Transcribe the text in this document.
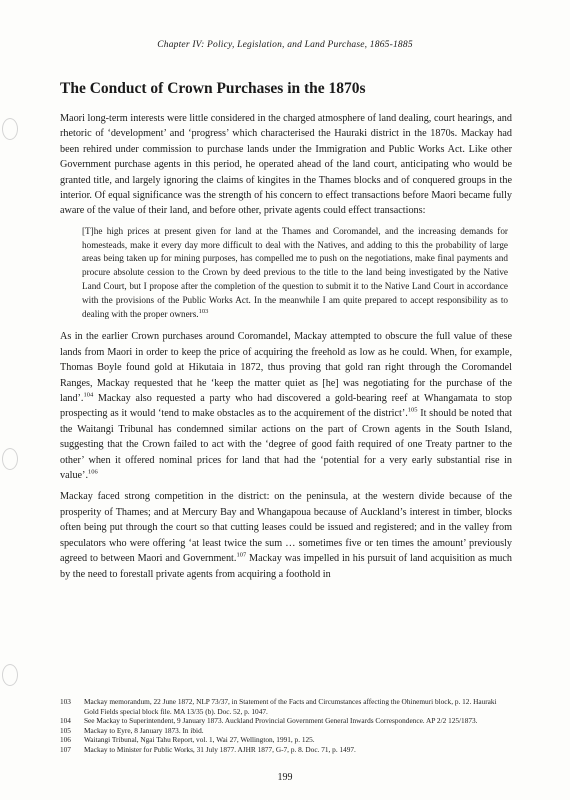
Chapter IV: Policy, Legislation, and Land Purchase, 1865-1885
The Conduct of Crown Purchases in the 1870s

Maori long-term interests were little considered in the charged atmosphere of land dealing, court hearings, and rhetoric of ‘development’ and ‘progress’ which characterised the Hauraki district in the 1870s. Mackay had been rehired under commission to purchase lands under the Immigration and Public Works Act. Like other Government purchase agents in this period, he operated ahead of the land court, anticipating who would be granted title, and largely ignoring the claims of kingites in the Thames blocks and of conquered groups in the interior. Of equal significance was the strength of his concern to effect transactions before Maori became fully aware of the value of their land, and before other, private agents could effect transactions:

[T]he high prices at present given for land at the Thames and Coromandel, and the increasing demands for homesteads, make it every day more difficult to deal with the Natives, and adding to this the probability of large areas being taken up for mining purposes, has compelled me to push on the negotiations, make final payments and procure absolute cession to the Crown by deed previous to the title to the land being investigated by the Native Land Court, but I propose after the completion of the question to submit it to the Native Land Court in accordance with the provisions of the Public Works Act. In the meanwhile I am quite prepared to accept responsibility as to dealing with the proper owners.$^{103}$

As in the earlier Crown purchases around Coromandel, Mackay attempted to obscure the full value of these lands from Maori in order to keep the price of acquiring the freehold as low as he could. When, for example, Thomas Boyle found gold at Hikutaia in 1872, thus proving that gold ran right through the Coromandel Ranges, Mackay requested that he ‘keep the matter quiet as [he] was negotiating for the purchase of the land’.$^{104}$ Mackay also requested a party who had discovered a gold-bearing reef at Whangamata to stop prospecting as it would ‘tend to make obstacles as to the acquirement of the district’.$^{105}$ It should be noted that the Waitangi Tribunal has condemned similar actions on the part of Crown agents in the South Island, suggesting that the Crown failed to act with the ‘degree of good faith required of one Treaty partner to the other’ when it offered nominal prices for land that had the ‘potential for a very early substantial rise in value’.$^{106}$

Mackay faced strong competition in the district: on the peninsula, at the western divide because of the prosperity of Thames; and at Mercury Bay and Whangapoua because of Auckland’s interest in timber, blocks often being put through the court so that cutting leases could be issued and registered; and in the valley from speculators who were offering ‘at least twice the sum … sometimes five or ten times the amount’ previously agreed to between Maori and Government.$^{107}$ Mackay was impelled in his pursuit of land acquisition as much by the need to forestall private agents from acquiring a foothold in

103	Mackay memorandum, 22 June 1872, NLP 73/37, in Statement of the Facts and Circumstances affecting the Ohinemuri block, p. 12. Hauraki Gold Fields special block file. MA 13/35 (b). Doc. 52, p. 1047.
104	See Mackay to Superintendent, 9 January 1873. Auckland Provincial Government General Inwards Correspondence. AP 2/2 125/1873.
105	Mackay to Eyre, 8 January 1873. In ibid.
106	Waitangi Tribunal, Ngai Tahu Report, vol. 1, Wai 27, Wellington, 1991, p. 125.
107	Mackay to Minister for Public Works, 31 July 1877. AJHR 1877, G-7, p. 8. Doc. 71, p. 1497.
199
